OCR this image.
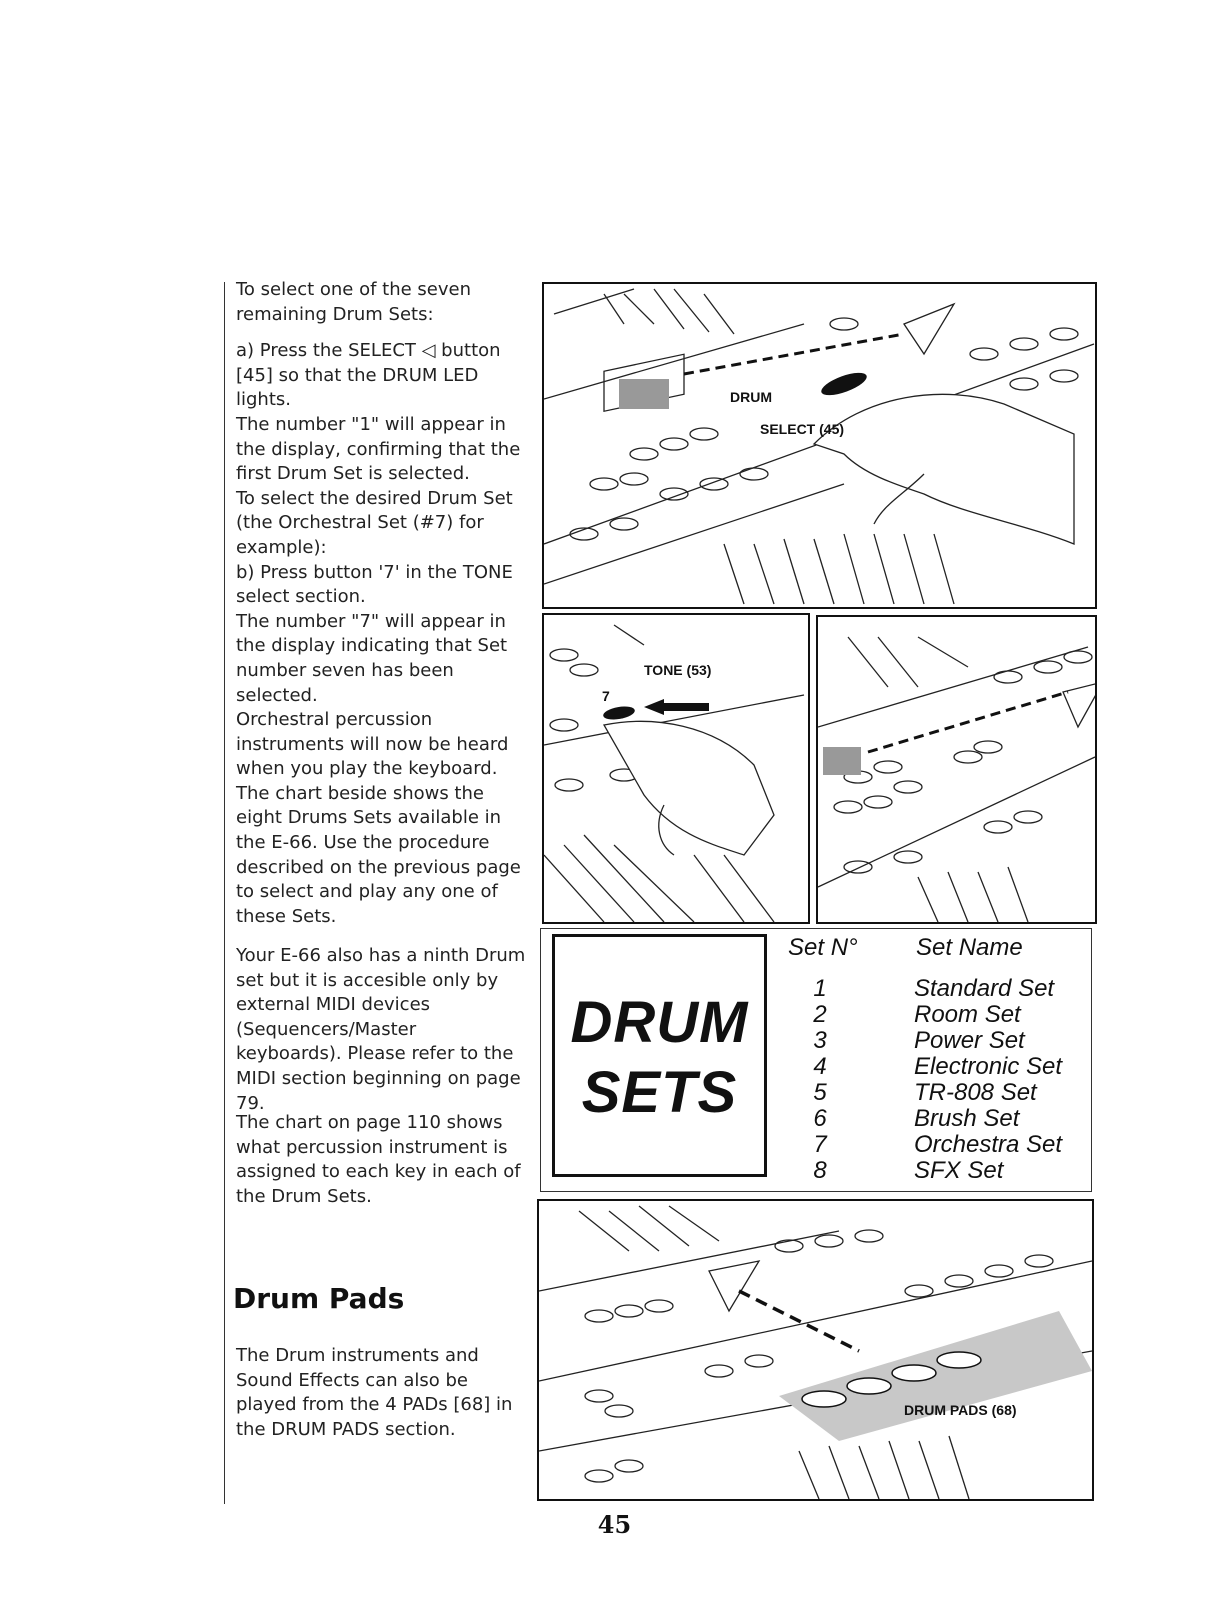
To select one of the seven remaining Drum Sets:

a) Press the SELECT ◁ button [45] so that the DRUM LED lights.

The number "1" will appear in the display, confirming that the first Drum Set is selected.

To select the desired Drum Set (the Orchestral Set (#7) for example):

b) Press button '7' in the TONE select section.

The number "7" will appear in the display indicating that Set number seven has been selected.

Orchestral percussion instruments will now be heard when you play the keyboard.

The chart beside shows the eight Drums Sets available in the E-66. Use the procedure described on the previous page to select and play any one of these Sets.

Your E-66 also has a ninth Drum set but it is accesible only by external MIDI devices (Sequencers/Master keyboards). Please refer to the MIDI section beginning on page 79.
The chart on page 110 shows what percussion instrument is assigned to each key in each of the Drum Sets.
Drum Pads
The Drum instruments and Sound Effects can also be played from the 4 PADs [68] in the DRUM PADS section.
DRUM
SELECT (45)
TONE (53)
7
DRUM
SETS
Set N° Set Name
1	Standard Set
2	Room Set
3	Power Set
4	Electronic Set
5	TR-808 Set
6	Brush Set
7	Orchestra Set
8	SFX Set
DRUM PADS (68)
45
